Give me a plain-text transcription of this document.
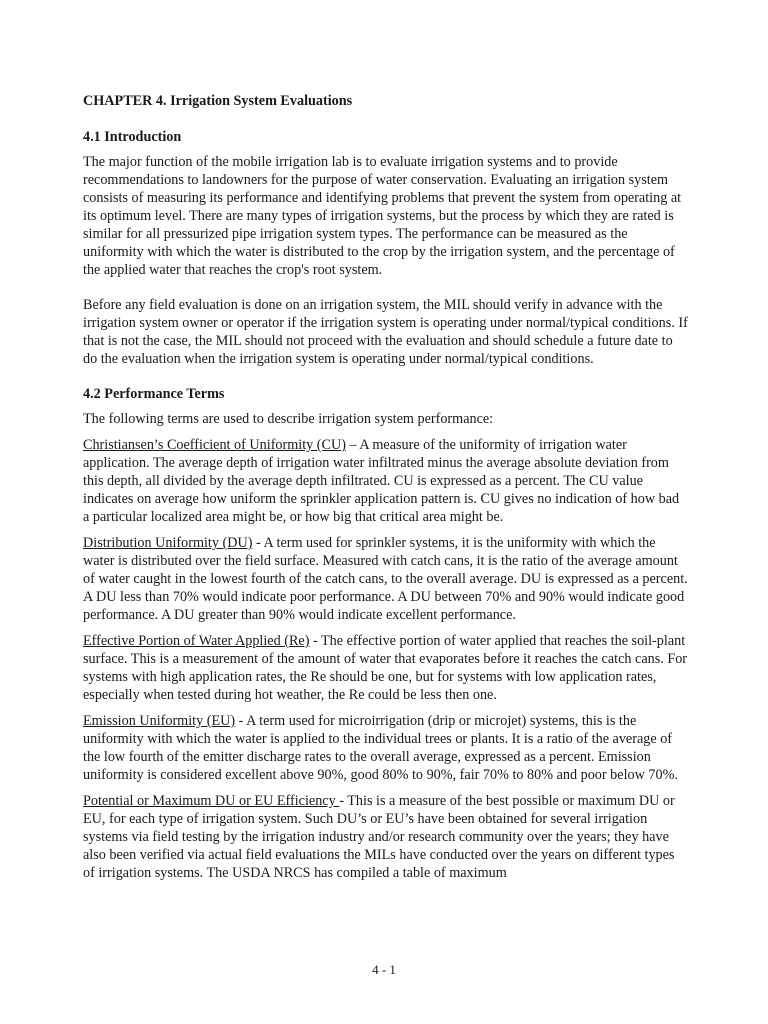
CHAPTER 4. Irrigation System Evaluations
4.1 Introduction

The major function of the mobile irrigation lab is to evaluate irrigation systems and to provide recommendations to landowners for the purpose of water conservation. Evaluating an irrigation system consists of measuring its performance and identifying problems that prevent the system from operating at its optimum level. There are many types of irrigation systems, but the process by which they are rated is similar for all pressurized pipe irrigation system types. The performance can be measured as the uniformity with which the water is distributed to the crop by the irrigation system, and the percentage of the applied water that reaches the crop's root system.

Before any field evaluation is done on an irrigation system, the MIL should verify in advance with the irrigation system owner or operator if the irrigation system is operating under normal/typical conditions. If that is not the case, the MIL should not proceed with the evaluation and should schedule a future date to do the evaluation when the irrigation system is operating under normal/typical conditions.

4.2 Performance Terms

The following terms are used to describe irrigation system performance:

Christiansen’s Coefficient of Uniformity (CU) – A measure of the uniformity of irrigation water application. The average depth of irrigation water infiltrated minus the average absolute deviation from this depth, all divided by the average depth infiltrated. CU is expressed as a percent. The CU value indicates on average how uniform the sprinkler application pattern is. CU gives no indication of how bad a particular localized area might be, or how big that critical area might be.

Distribution Uniformity (DU) - A term used for sprinkler systems, it is the uniformity with which the water is distributed over the field surface. Measured with catch cans, it is the ratio of the average amount of water caught in the lowest fourth of the catch cans, to the overall average. DU is expressed as a percent. A DU less than 70% would indicate poor performance. A DU between 70% and 90% would indicate good performance. A DU greater than 90% would indicate excellent performance.

Effective Portion of Water Applied (Re) - The effective portion of water applied that reaches the soil-plant surface. This is a measurement of the amount of water that evaporates before it reaches the catch cans. For systems with high application rates, the Re should be one, but for systems with low application rates, especially when tested during hot weather, the Re could be less then one.

Emission Uniformity (EU) - A term used for microirrigation (drip or microjet) systems, this is the uniformity with which the water is applied to the individual trees or plants. It is a ratio of the average of the low fourth of the emitter discharge rates to the overall average, expressed as a percent. Emission uniformity is considered excellent above 90%, good 80% to 90%, fair 70% to 80% and poor below 70%.

Potential or Maximum DU or EU Efficiency - This is a measure of the best possible or maximum DU or EU, for each type of irrigation system. Such DU’s or EU’s have been obtained for several irrigation systems via field testing by the irrigation industry and/or research community over the years; they have also been verified via actual field evaluations the MILs have conducted over the years on different types of irrigation systems. The USDA NRCS has compiled a table of maximum

4 - 1
